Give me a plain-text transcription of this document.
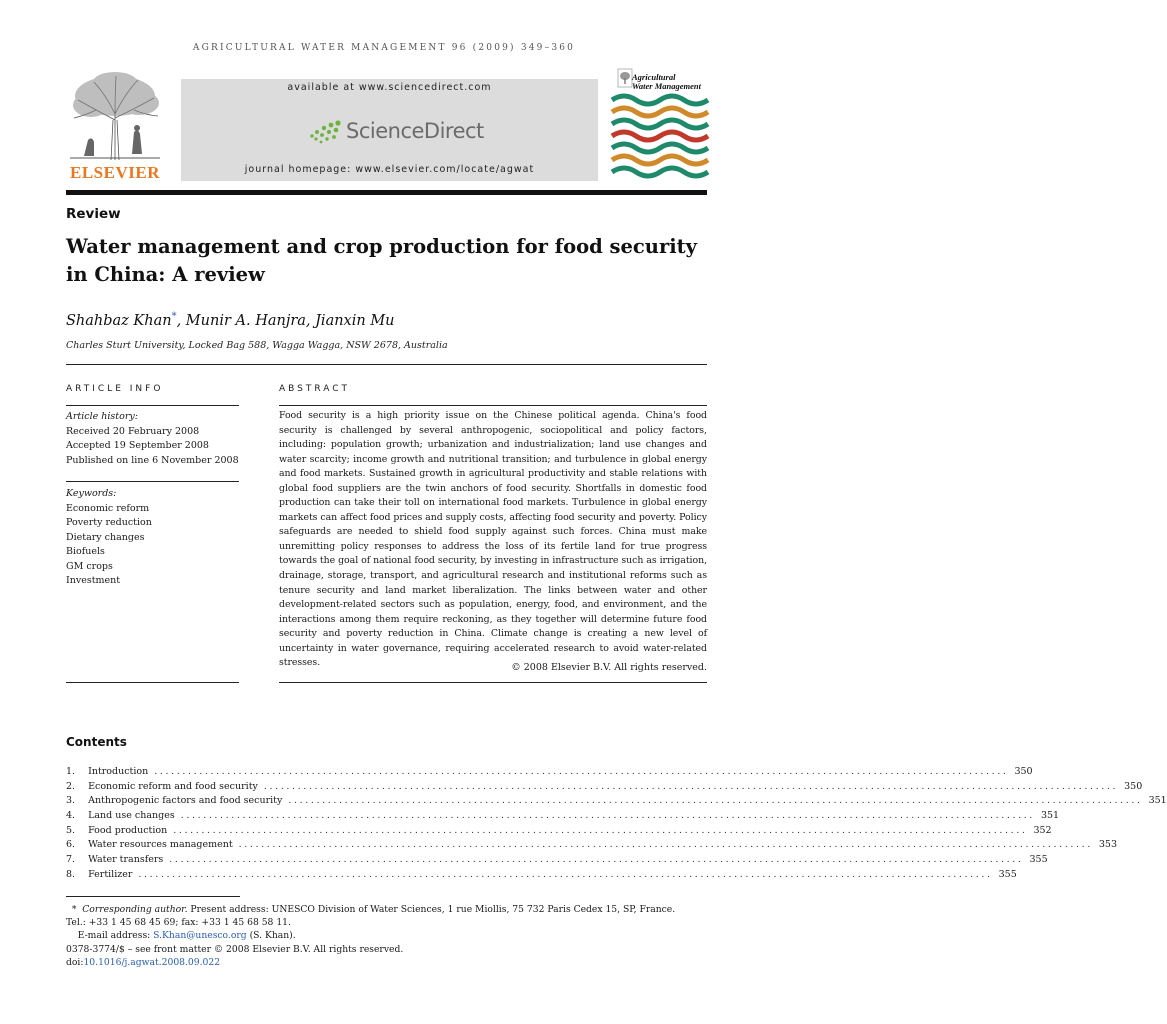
AGRICULTURAL WATER MANAGEMENT 96 (2009) 349–360
ELSEVIER
available at www.sciencedirect.com
ScienceDirect
journal homepage: www.elsevier.com/locate/agwat
Agricultural
Water Management
Review
Water management and crop production for food security in China: A review
Shahbaz Khan*, Munir A. Hanjra, Jianxin Mu
Charles Sturt University, Locked Bag 588, Wagga Wagga, NSW 2678, Australia
ARTICLE INFO
Article history:
Received 20 February 2008
Accepted 19 September 2008
Published on line 6 November 2008
Keywords:
Economic reform
Poverty reduction
Dietary changes
Biofuels
GM crops
Investment
ABSTRACT
Food security is a high priority issue on the Chinese political agenda. China's food security is challenged by several anthropogenic, sociopolitical and policy factors, including: population growth; urbanization and industrialization; land use changes and water scarcity; income growth and nutritional transition; and turbulence in global energy and food markets. Sustained growth in agricultural productivity and stable relations with global food suppliers are the twin anchors of food security. Shortfalls in domestic food production can take their toll on international food markets. Turbulence in global energy markets can affect food prices and supply costs, affecting food security and poverty. Policy safeguards are needed to shield food supply against such forces. China must make unremitting policy responses to address the loss of its fertile land for true progress towards the goal of national food security, by investing in infrastructure such as irrigation, drainage, storage, transport, and agricultural research and institutional reforms such as tenure security and land market liberalization. The links between water and other development-related sectors such as population, energy, food, and environment, and the interactions among them require reckoning, as they together will determine future food security and poverty reduction in China. Climate change is creating a new level of uncertainty in water governance, requiring accelerated research to avoid water-related stresses.	© 2008 Elsevier B.V. All rights reserved.
Contents
1. Introduction ........................................................................................................................................................ 350
2. Economic reform and food security ........................................................................................................................................................ 350
3. Anthropogenic factors and food security ........................................................................................................................................................ 351
4. Land use changes ........................................................................................................................................................ 351
5. Food production ........................................................................................................................................................ 352
6. Water resources management ........................................................................................................................................................ 353
7. Water transfers ........................................................................................................................................................ 355
8. Fertilizer ........................................................................................................................................................ 355
* Corresponding author. Present address: UNESCO Division of Water Sciences, 1 rue Miollis, 75 732 Paris Cedex 15, SP, France.
Tel.: +33 1 45 68 45 69; fax: +33 1 45 68 58 11.
E-mail address: S.Khan@unesco.org (S. Khan).
0378-3774/$ – see front matter © 2008 Elsevier B.V. All rights reserved.
doi:10.1016/j.agwat.2008.09.022
